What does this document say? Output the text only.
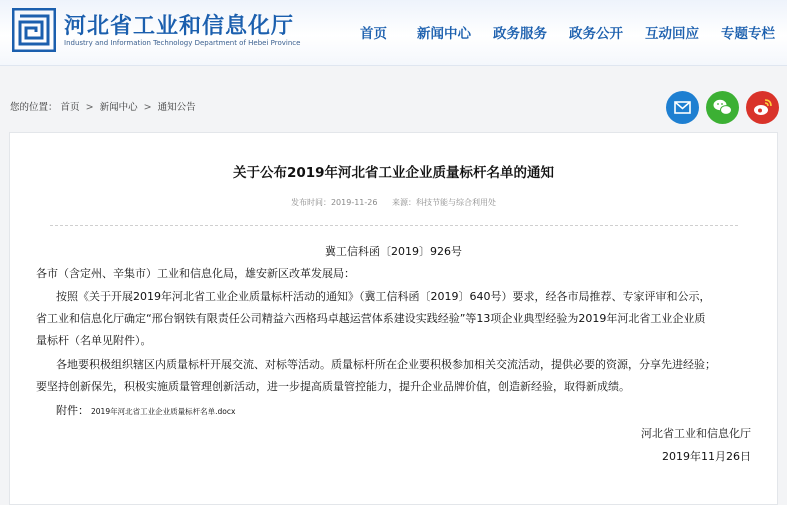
河北省工业和信息化厅
Industry and Information Technology Department of Hebei Province
首页 新闻中心 政务服务 政务公开 互动回应 专题专栏
您的位置： 首页 > 新闻中心 > 通知公告
关于公布2019年河北省工业企业质量标杆名单的通知
发布时间：2019-11-26 来源：科技节能与综合利用处
冀工信科函〔2019〕926号
各市（含定州、辛集市）工业和信息化局，雄安新区改革发展局：
按照《关于开展2019年河北省工业企业质量标杆活动的通知》（冀工信科函〔2019〕640号）要求，经各市局推荐、专家评审和公示，
省工业和信息化厅确定“邢台钢铁有限责任公司精益六西格玛卓越运营体系建设实践经验”等13项企业典型经验为2019年河北省工业企业质
量标杆（名单见附件）。
各地要积极组织辖区内质量标杆开展交流、对标等活动。质量标杆所在企业要积极参加相关交流活动，提供必要的资源，分享先进经验；
要坚持创新保先，积极实施质量管理创新活动，进一步提高质量管控能力，提升企业品牌价值，创造新经验，取得新成绩。
附件： 2019年河北省工业企业质量标杆名单.docx
河北省工业和信息化厅
2019年11月26日
